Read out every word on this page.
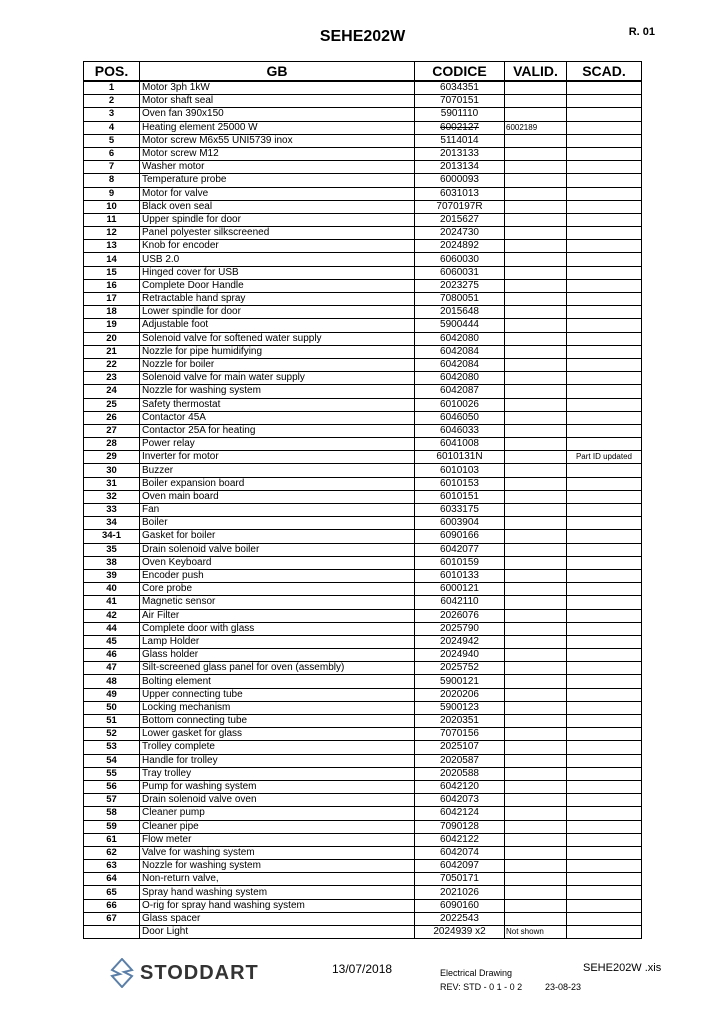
SEHE202W	R. 01
POS.	GB	CODICE	VALID.	SCAD.
1	Motor 3ph 1kW	6034351		
2	Motor shaft seal	7070151		
3	Oven fan 390x150	5901110		
4	Heating element 25000 W	6002127	6002189	
5	Motor screw M6x55 UNI5739 inox	5114014		
6	Motor screw M12	2013133		
7	Washer motor	2013134		
8	Temperature probe	6000093		
9	Motor for valve	6031013		
10	Black oven seal	7070197R		
11	Upper spindle for door	2015627		
12	Panel polyester silkscreened	2024730		
13	Knob for encoder	2024892		
14	USB 2.0	6060030		
15	Hinged cover for USB	6060031		
16	Complete Door Handle	2023275		
17	Retractable hand spray	7080051		
18	Lower spindle for door	2015648		
19	Adjustable foot	5900444		
20	Solenoid valve for softened water supply	6042080		
21	Nozzle for pipe humidifying	6042084		
22	Nozzle for boiler	6042084		
23	Solenoid valve for main water supply	6042080		
24	Nozzle for washing system	6042087		
25	Safety thermostat	6010026		
26	Contactor 45A	6046050		
27	Contactor 25A for heating	6046033		
28	Power relay	6041008		
29	Inverter for motor	6010131N		Part ID updated
30	Buzzer	6010103		
31	Boiler expansion board	6010153		
32	Oven main board	6010151		
33	Fan	6033175		
34	Boiler	6003904		
34-1	Gasket for boiler	6090166		
35	Drain solenoid valve boiler	6042077		
38	Oven Keyboard	6010159		
39	Encoder push	6010133		
40	Core probe	6000121		
41	Magnetic sensor	6042110		
42	Air Filter	2026076		
44	Complete door with glass	2025790		
45	Lamp Holder	2024942		
46	Glass holder	2024940		
47	Silt-screened glass panel for oven (assembly)	2025752		
48	Bolting element	5900121		
49	Upper connecting tube	2020206		
50	Locking mechanism	5900123		
51	Bottom connecting tube	2020351		
52	Lower gasket for glass	7070156		
53	Trolley complete	2025107		
54	Handle for trolley	2020587		
55	Tray trolley	2020588		
56	Pump for washing system	6042120		
57	Drain solenoid valve oven	6042073		
58	Cleaner pump	6042124		
59	Cleaner pipe	7090128		
61	Flow meter	6042122		
62	Valve for washing system	6042074		
63	Nozzle for washing system	6042097		
64	Non-return valve,	7050171		
65	Spray hand washing system	2021026		
66	O-rig for spray hand washing system	6090160		
67	Glass spacer	2022543		
	Door Light	2024939 x2	Not shown	
STODDART	13/07/2018	Electrical Drawing
REV: STD - 0 1 - 0 2	23-08-23
SEHE202W .xis
